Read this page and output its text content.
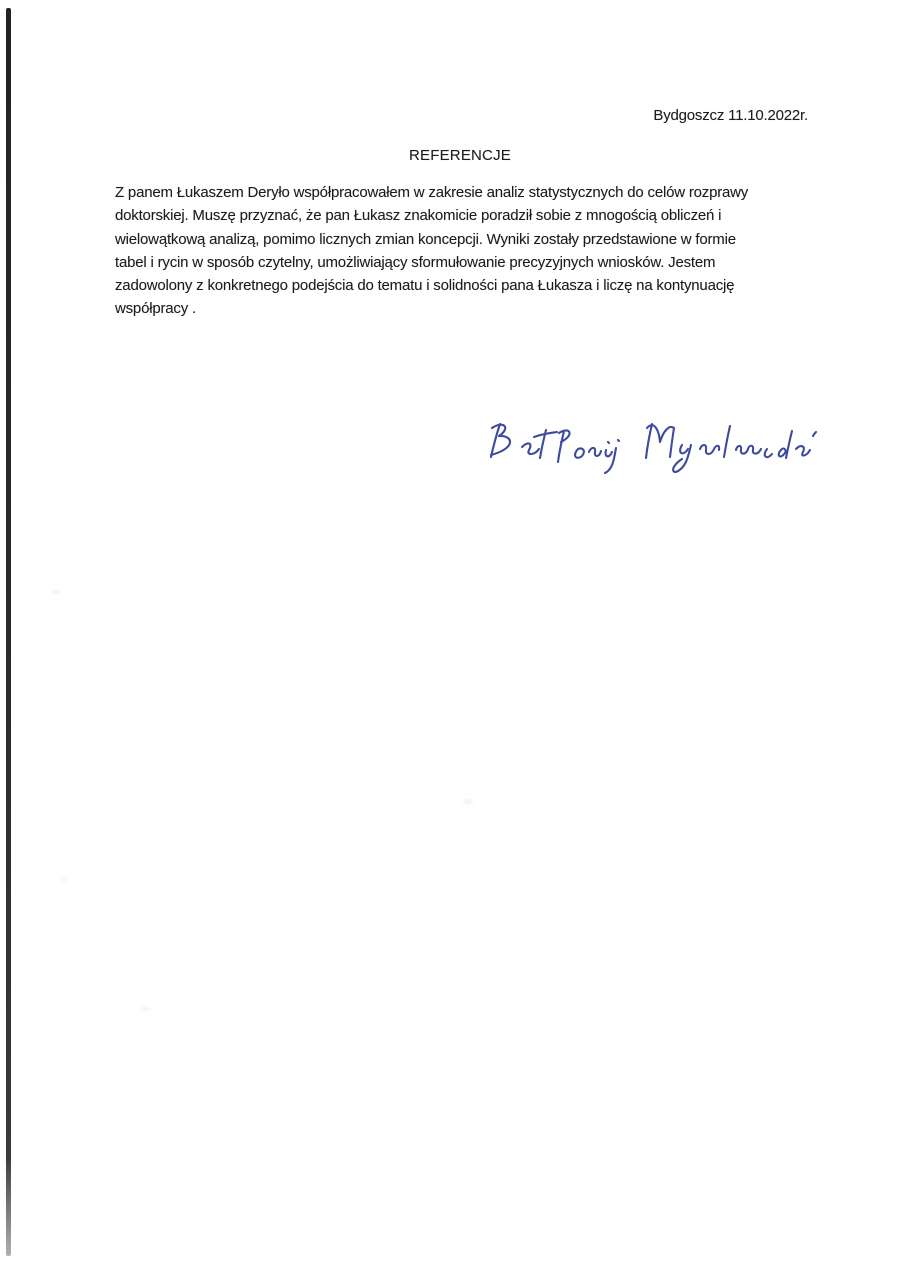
Bydgoszcz 11.10.2022r.
REFERENCJE
Z panem Łukaszem Deryło współpracowałem w zakresie analiz statystycznych do celów rozprawy
doktorskiej. Muszę przyznać, że pan Łukasz znakomicie poradził sobie z mnogością obliczeń i
wielowątkową analizą, pomimo licznych zmian koncepcji. Wyniki zostały przedstawione w formie
tabel i rycin w sposób czytelny, umożliwiający sformułowanie precyzyjnych wniosków. Jestem
zadowolony z konkretnego podejścia do tematu i solidności pana Łukasza i liczę na kontynuację
współpracy .
